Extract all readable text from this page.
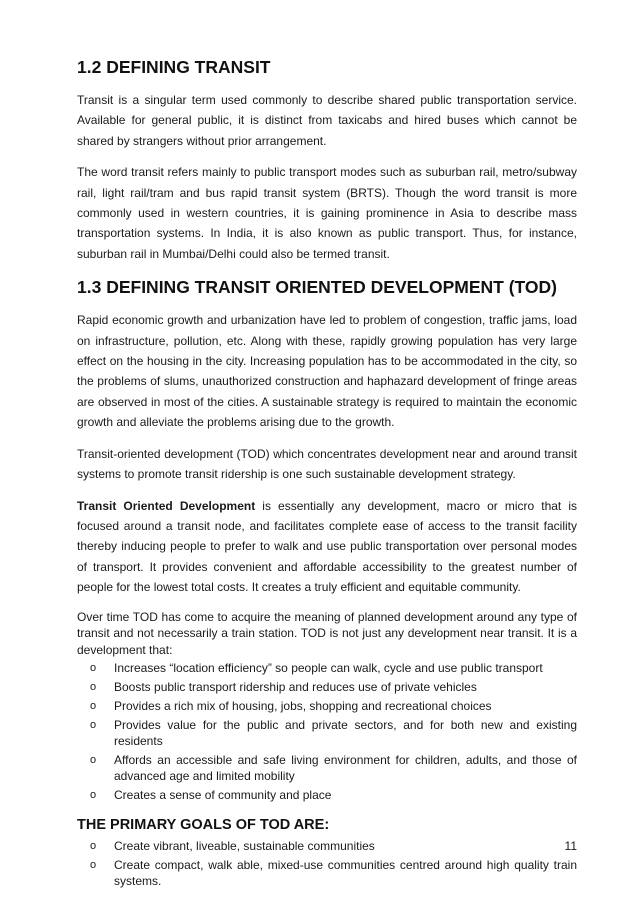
1.2 DEFINING TRANSIT

Transit is a singular term used commonly to describe shared public transportation service. Available for general public, it is distinct from taxicabs and hired buses which cannot be shared by strangers without prior arrangement.

The word transit refers mainly to public transport modes such as suburban rail, metro/subway rail, light rail/tram and bus rapid transit system (BRTS). Though the word transit is more commonly used in western countries, it is gaining prominence in Asia to describe mass transportation systems. In India, it is also known as public transport. Thus, for instance, suburban rail in Mumbai/Delhi could also be termed transit.

1.3 DEFINING TRANSIT ORIENTED DEVELOPMENT (TOD)

Rapid economic growth and urbanization have led to problem of congestion, traffic jams, load on infrastructure, pollution, etc. Along with these, rapidly growing population has very large effect on the housing in the city. Increasing population has to be accommodated in the city, so the problems of slums, unauthorized construction and haphazard development of fringe areas are observed in most of the cities. A sustainable strategy is required to maintain the economic growth and alleviate the problems arising due to the growth.

Transit-oriented development (TOD) which concentrates development near and around transit systems to promote transit ridership is one such sustainable development strategy.

Transit Oriented Development is essentially any development, macro or micro that is focused around a transit node, and facilitates complete ease of access to the transit facility thereby inducing people to prefer to walk and use public transportation over personal modes of transport. It provides convenient and affordable accessibility to the greatest number of people for the lowest total costs. It creates a truly efficient and equitable community.

Over time TOD has come to acquire the meaning of planned development around any type of transit and not necessarily a train station. TOD is not just any development near transit. It is a development that:

o Increases “location efficiency” so people can walk, cycle and use public transport
o Boosts public transport ridership and reduces use of private vehicles
o Provides a rich mix of housing, jobs, shopping and recreational choices
o Provides value for the public and private sectors, and for both new and existing residents
o Affords an accessible and safe living environment for children, adults, and those of advanced age and limited mobility
o Creates a sense of community and place
THE PRIMARY GOALS OF TOD ARE:
o Create vibrant, liveable, sustainable communities
o Create compact, walk able, mixed-use communities centred around high quality train systems.
11
